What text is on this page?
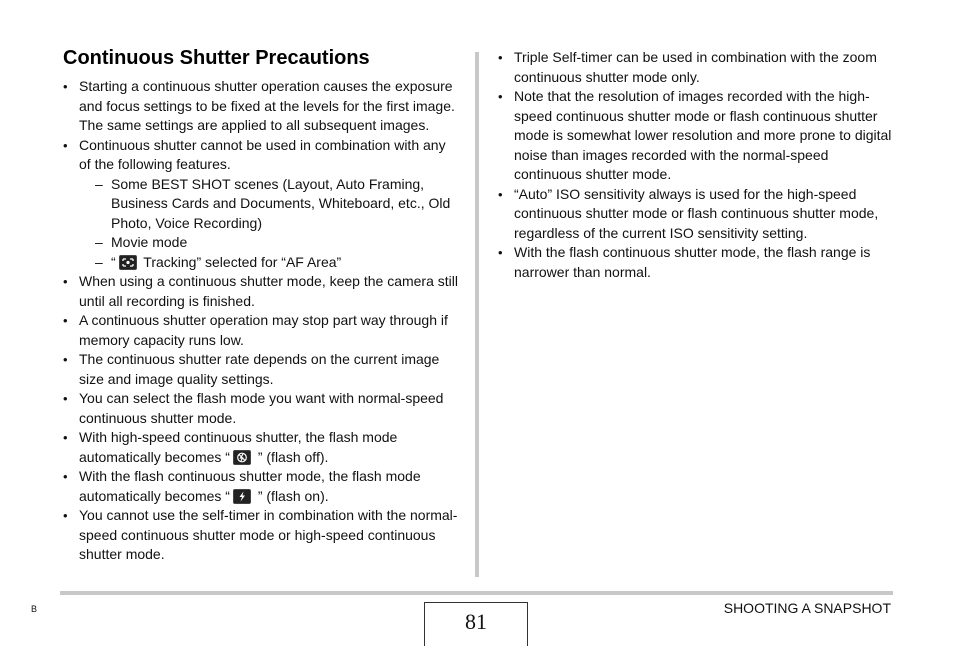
Continuous Shutter Precautions
• Starting a continuous shutter operation causes the exposure and focus settings to be fixed at the levels for the first image. The same settings are applied to all subsequent images.
• Continuous shutter cannot be used in combination with any of the following features.
– Some BEST SHOT scenes (Layout, Auto Framing, Business Cards and Documents, Whiteboard, etc., Old Photo, Voice Recording)
– Movie mode
– “
Tracking” selected for “AF Area”
• When using a continuous shutter mode, keep the camera still until all recording is finished.
• A continuous shutter operation may stop part way through if memory capacity runs low.
• The continuous shutter rate depends on the current image size and image quality settings.
• You can select the flash mode you want with normal-speed continuous shutter mode.
• With high-speed continuous shutter, the flash mode automatically becomes “
” (flash off).
• With the flash continuous shutter mode, the flash mode automatically becomes “
” (flash on).
• You cannot use the self-timer in combination with the normal-speed continuous shutter mode or high-speed continuous shutter mode.
• Triple Self-timer can be used in combination with the zoom continuous shutter mode only.
• Note that the resolution of images recorded with the high-speed continuous shutter mode or flash continuous shutter mode is somewhat lower resolution and more prone to digital noise than images recorded with the normal-speed continuous shutter mode.
• “Auto” ISO sensitivity always is used for the high-speed continuous shutter mode or flash continuous shutter mode, regardless of the current ISO sensitivity setting.
• With the flash continuous shutter mode, the flash range is narrower than normal.
B	81
SHOOTING A SNAPSHOT
